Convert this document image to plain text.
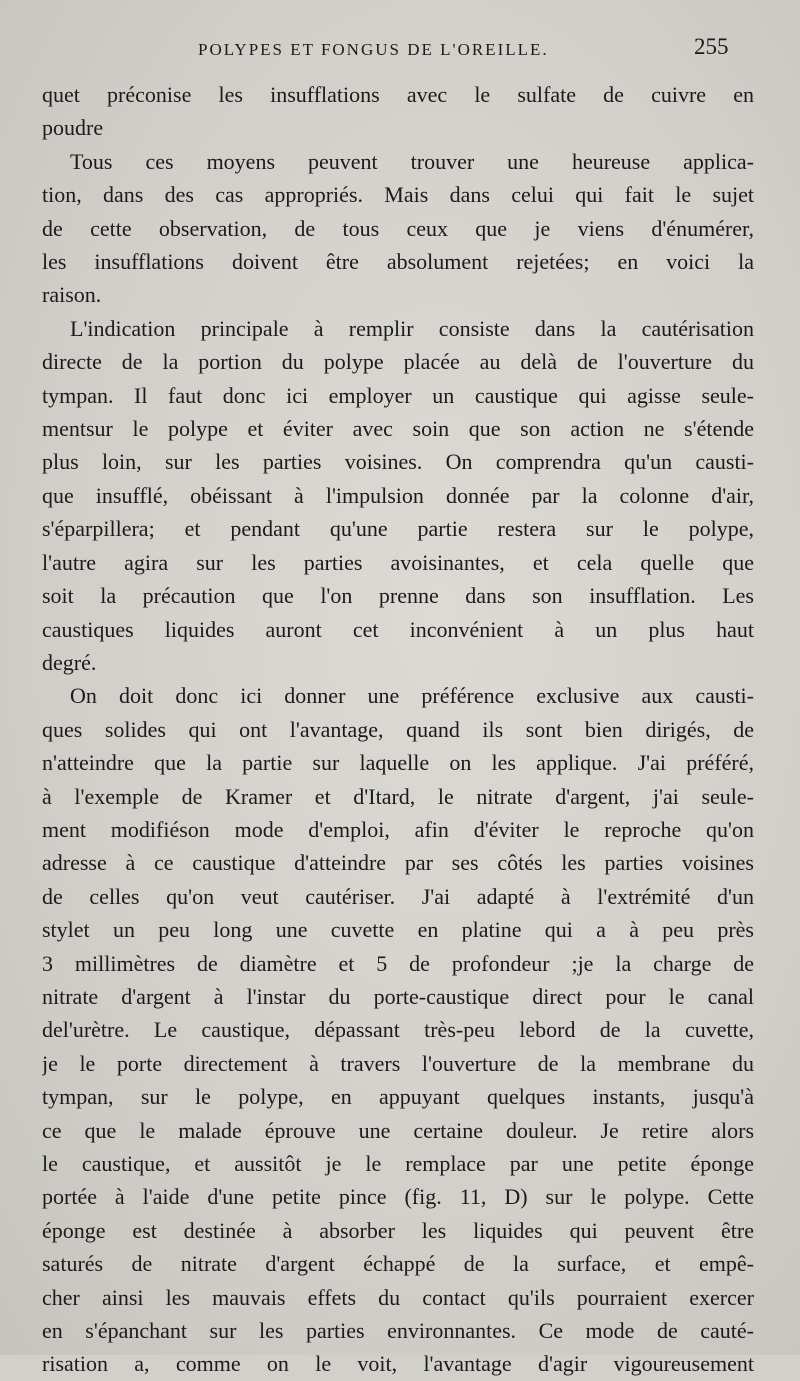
POLYPES ET FONGUS DE L'OREILLE.	255
quet préconise les insufflations avec le sulfate de cuivre en
poudre
Tous ces moyens peuvent trouver une heureuse applica-
tion, dans des cas appropriés. Mais dans celui qui fait le sujet
de cette observation, de tous ceux que je viens d'énumérer,
les insufflations doivent être absolument rejetées; en voici la
raison.
L'indication principale à remplir consiste dans la cautérisation
directe de la portion du polype placée au delà de l'ouverture du
tympan. Il faut donc ici employer un caustique qui agisse seule-
mentsur le polype et éviter avec soin que son action ne s'étende
plus loin, sur les parties voisines. On comprendra qu'un causti-
que insufflé, obéissant à l'impulsion donnée par la colonne d'air,
s'éparpillera; et pendant qu'une partie restera sur le polype,
l'autre agira sur les parties avoisinantes, et cela quelle que
soit la précaution que l'on prenne dans son insufflation. Les
caustiques liquides auront cet inconvénient à un plus haut
degré.
On doit donc ici donner une préférence exclusive aux causti-
ques solides qui ont l'avantage, quand ils sont bien dirigés, de
n'atteindre que la partie sur laquelle on les applique. J'ai préféré,
à l'exemple de Kramer et d'Itard, le nitrate d'argent, j'ai seule-
ment modifiéson mode d'emploi, afin d'éviter le reproche qu'on
adresse à ce caustique d'atteindre par ses côtés les parties voisines
de celles qu'on veut cautériser. J'ai adapté à l'extrémité d'un
stylet un peu long une cuvette en platine qui a à peu près
3 millimètres de diamètre et 5 de profondeur ;je la charge de
nitrate d'argent à l'instar du porte-caustique direct pour le canal
del'urètre. Le caustique, dépassant très-peu lebord de la cuvette,
je le porte directement à travers l'ouverture de la membrane du
tympan, sur le polype, en appuyant quelques instants, jusqu'à
ce que le malade éprouve une certaine douleur. Je retire alors
le caustique, et aussitôt je le remplace par une petite éponge
portée à l'aide d'une petite pince (fig. 11, D) sur le polype. Cette
éponge est destinée à absorber les liquides qui peuvent être
saturés de nitrate d'argent échappé de la surface, et empê-
cher ainsi les mauvais effets du contact qu'ils pourraient exercer
en s'épanchant sur les parties environnantes. Ce mode de cauté-
risation a, comme on le voit, l'avantage d'agir vigoureusement
